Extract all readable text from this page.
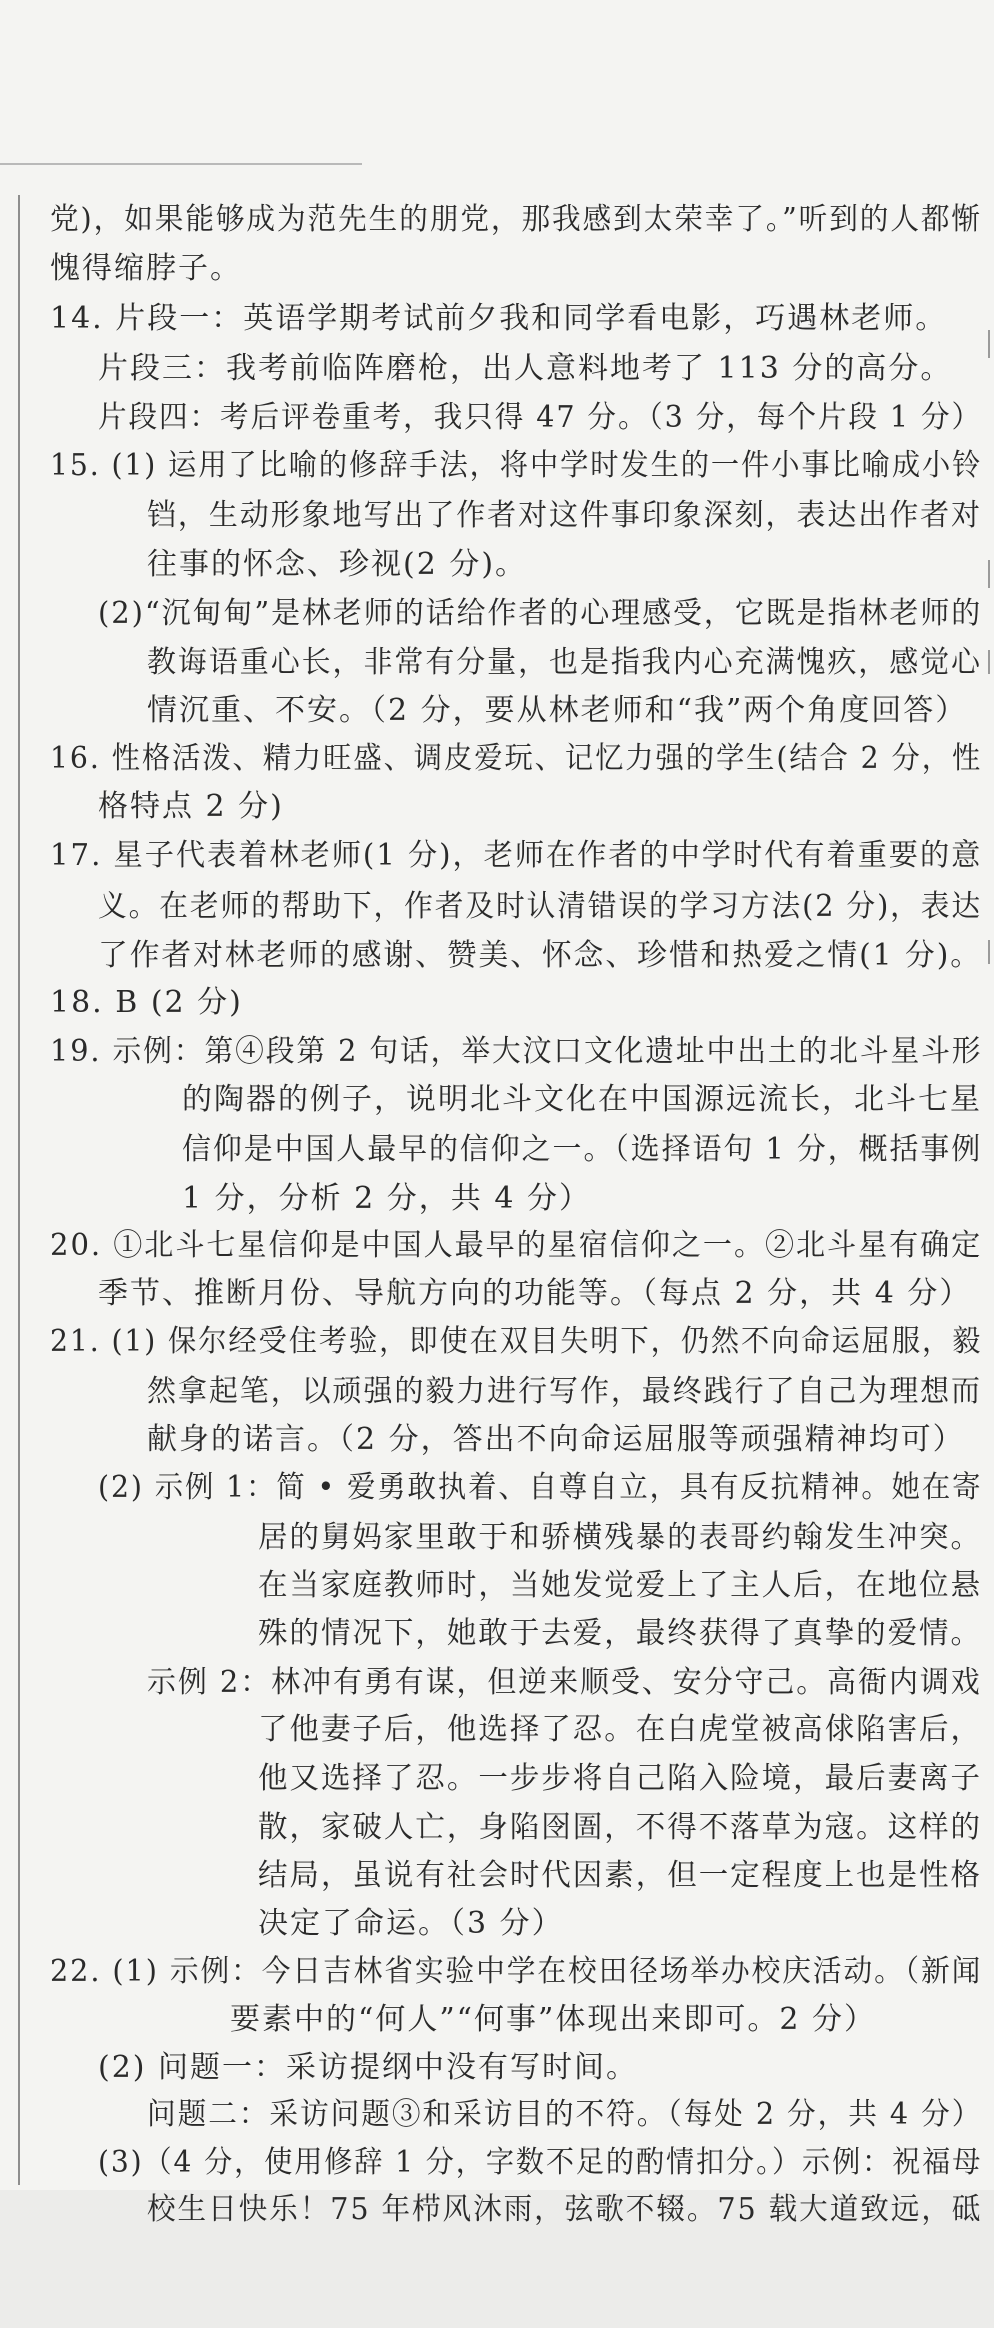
党)，如果能够成为范先生的朋党，那我感到太荣幸了。”听到的人都惭
愧得缩脖子。
14. 片段一：英语学期考试前夕我和同学看电影，巧遇林老师。
片段三：我考前临阵磨枪，出人意料地考了 113 分的高分。
片段四：考后评卷重考，我只得 47 分。（3 分，每个片段 1 分）
15. (1) 运用了比喻的修辞手法，将中学时发生的一件小事比喻成小铃
铛，生动形象地写出了作者对这件事印象深刻，表达出作者对
往事的怀念、珍视(2 分)。
(2)“沉甸甸”是林老师的话给作者的心理感受，它既是指林老师的
教诲语重心长，非常有分量，也是指我内心充满愧疚，感觉心
情沉重、不安。（2 分，要从林老师和“我”两个角度回答）
16. 性格活泼、精力旺盛、调皮爱玩、记忆力强的学生(结合 2 分，性
格特点 2 分)
17. 星子代表着林老师(1 分)，老师在作者的中学时代有着重要的意
义。在老师的帮助下，作者及时认清错误的学习方法(2 分)，表达
了作者对林老师的感谢、赞美、怀念、珍惜和热爱之情(1 分)。
18. B (2 分)
19. 示例：第④段第 2 句话，举大汶口文化遗址中出土的北斗星斗形
的陶器的例子，说明北斗文化在中国源远流长，北斗七星
信仰是中国人最早的信仰之一。（选择语句 1 分，概括事例
1 分，分析 2 分，共 4 分）
20. ①北斗七星信仰是中国人最早的星宿信仰之一。②北斗星有确定
季节、推断月份、导航方向的功能等。（每点 2 分，共 4 分）
21. (1) 保尔经受住考验，即使在双目失明下，仍然不向命运屈服，毅
然拿起笔，以顽强的毅力进行写作，最终践行了自己为理想而
献身的诺言。（2 分，答出不向命运屈服等顽强精神均可）
(2) 示例 1：简 • 爱勇敢执着、自尊自立，具有反抗精神。她在寄
居的舅妈家里敢于和骄横残暴的表哥约翰发生冲突。
在当家庭教师时，当她发觉爱上了主人后，在地位悬
殊的情况下，她敢于去爱，最终获得了真挚的爱情。
示例 2：林冲有勇有谋，但逆来顺受、安分守己。高衙内调戏
了他妻子后，他选择了忍。在白虎堂被高俅陷害后，
他又选择了忍。一步步将自己陷入险境，最后妻离子
散，家破人亡，身陷囹圄，不得不落草为寇。这样的
结局，虽说有社会时代因素，但一定程度上也是性格
决定了命运。（3 分）
22. (1) 示例：今日吉林省实验中学在校田径场举办校庆活动。（新闻
要素中的“何人”“何事”体现出来即可。2 分）
(2) 问题一：采访提纲中没有写时间。
问题二：采访问题③和采访目的不符。（每处 2 分，共 4 分）
(3)（4 分，使用修辞 1 分，字数不足的酌情扣分。）示例：祝福母
校生日快乐！75 年栉风沐雨，弦歌不辍。75 载大道致远，砥
